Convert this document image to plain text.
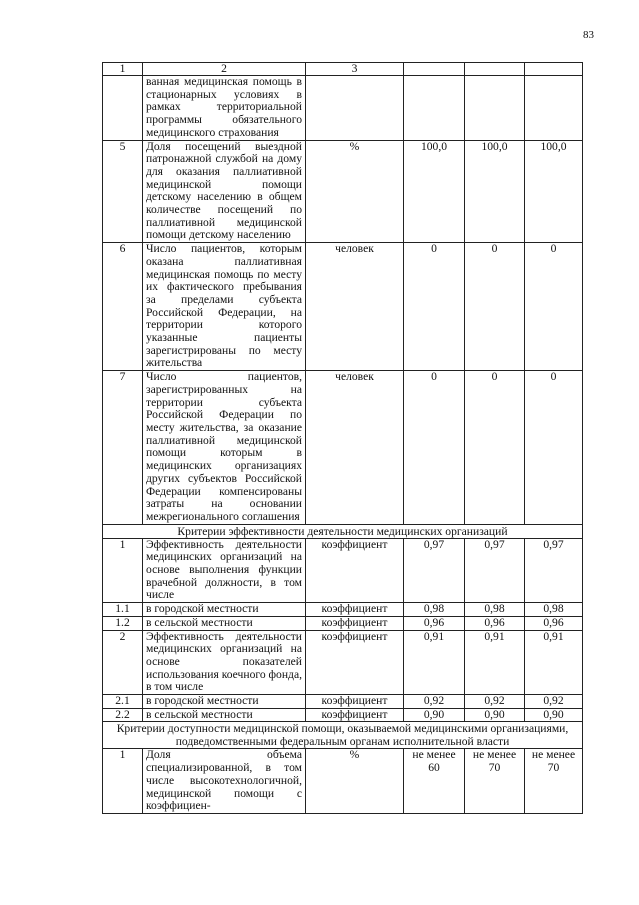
83
1	2	3			
	ванная медицинская помощь в стационарных условиях в рамках территориальной программы обязательного медицинского страхования				
5	Доля посещений выездной патронажной службой на дому для оказания паллиативной медицинской помощи детскому населению в общем количестве посещений по паллиативной медицинской помощи детскому населению	%	100,0	100,0	100,0
6	Число пациентов, которым оказана паллиативная медицинская помощь по месту их фактического пребывания за пределами субъекта Российской Федерации, на территории которого указанные пациенты зарегистрированы по месту жительства	человек	0	0	0
7	Число пациентов, зарегистрированных на территории субъекта Российской Федерации по месту жительства, за оказание паллиативной медицинской помощи которым в медицинских организациях других субъектов Российской Федерации компенсированы затраты на основании межрегионального соглашения	человек	0	0	0
Критерии эффективности деятельности медицинских организаций					
1	Эффективность деятельности медицинских организаций на основе выполнения функции врачебной должности, в том числе	коэффициент	0,97	0,97	0,97
1.1	в городской местности	коэффициент	0,98	0,98	0,98
1.2	в сельской местности	коэффициент	0,96	0,96	0,96
2	Эффективность деятельности медицинских организаций на основе показателей использования коечного фонда, в том числе	коэффициент	0,91	0,91	0,91
2.1	в городской местности	коэффициент	0,92	0,92	0,92
2.2	в сельской местности	коэффициент	0,90	0,90	0,90
Критерии доступности медицинской помощи, оказываемой медицинскими организациями, подведомственными федеральным органам исполнительной власти					
1	Доля объема специализированной, в том числе высокотехнологичной, медицинской помощи с коэффициен-	%	не менее 60	не менее 70	не менее 70
